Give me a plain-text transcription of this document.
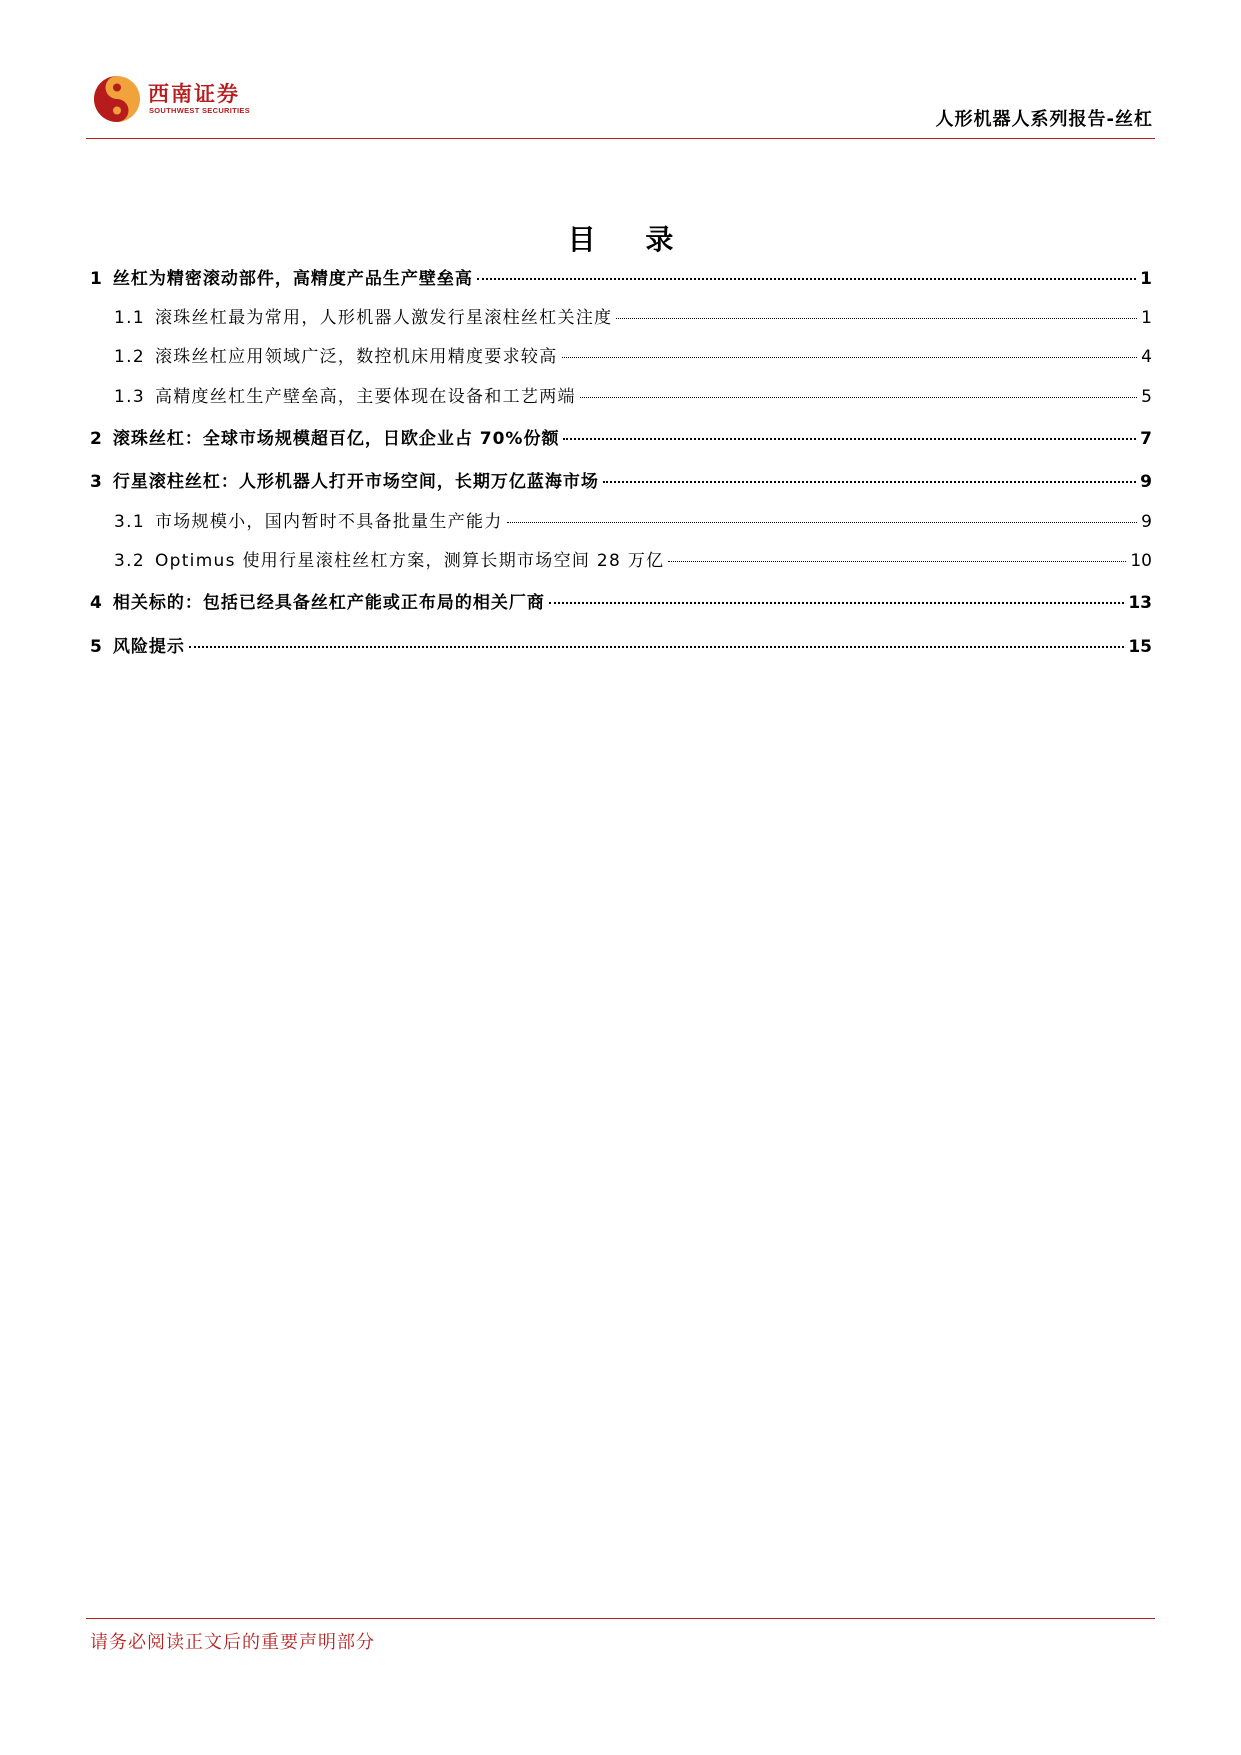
西南证券
SOUTHWEST SECURITIES	人形机器人系列报告-丝杠
目 录
1 丝杠为精密滚动部件，高精度产品生产壁垒高	1
1.1 滚珠丝杠最为常用，人形机器人激发行星滚柱丝杠关注度	1
1.2 滚珠丝杠应用领域广泛，数控机床用精度要求较高	4
1.3 高精度丝杠生产壁垒高，主要体现在设备和工艺两端	5
2 滚珠丝杠：全球市场规模超百亿，日欧企业占 70%份额	7
3 行星滚柱丝杠：人形机器人打开市场空间，长期万亿蓝海市场	9
3.1 市场规模小，国内暂时不具备批量生产能力	9
3.2 Optimus 使用行星滚柱丝杠方案，测算长期市场空间 28 万亿	10
4 相关标的：包括已经具备丝杠产能或正布局的相关厂商	13
5 风险提示	15
请务必阅读正文后的重要声明部分
